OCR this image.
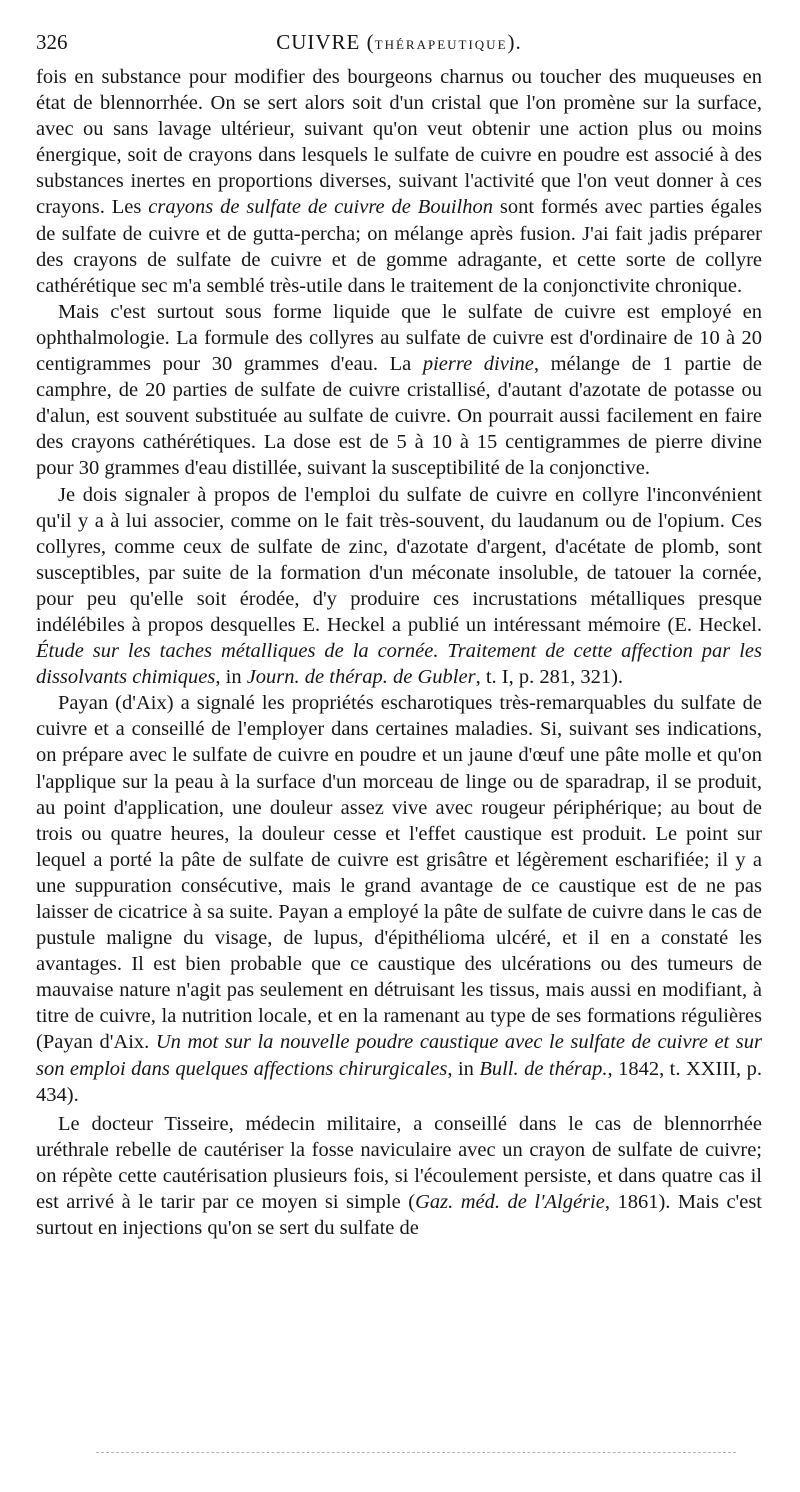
326	CUIVRE (THÉRAPEUTIQUE).

fois en substance pour modifier des bourgeons charnus ou toucher des muqueuses en état de blennorrhée. On se sert alors soit d'un cristal que l'on promène sur la surface, avec ou sans lavage ultérieur, suivant qu'on veut obtenir une action plus ou moins énergique, soit de crayons dans lesquels le sulfate de cuivre en poudre est associé à des substances inertes en proportions diverses, suivant l'activité que l'on veut donner à ces crayons. Les crayons de sulfate de cuivre de Bouilhon sont formés avec parties égales de sulfate de cuivre et de gutta-percha; on mélange après fusion. J'ai fait jadis préparer des crayons de sulfate de cuivre et de gomme adragante, et cette sorte de collyre cathérétique sec m'a semblé très-utile dans le traitement de la conjonctivite chronique.

Mais c'est surtout sous forme liquide que le sulfate de cuivre est employé en ophthalmologie. La formule des collyres au sulfate de cuivre est d'ordinaire de 10 à 20 centigrammes pour 30 grammes d'eau. La pierre divine, mélange de 1 partie de camphre, de 20 parties de sulfate de cuivre cristallisé, d'autant d'azotate de potasse ou d'alun, est souvent substituée au sulfate de cuivre. On pourrait aussi facilement en faire des crayons cathérétiques. La dose est de 5 à 10 à 15 centigrammes de pierre divine pour 30 grammes d'eau distillée, suivant la susceptibilité de la conjonctive.

Je dois signaler à propos de l'emploi du sulfate de cuivre en collyre l'inconvénient qu'il y a à lui associer, comme on le fait très-souvent, du laudanum ou de l'opium. Ces collyres, comme ceux de sulfate de zinc, d'azotate d'argent, d'acétate de plomb, sont susceptibles, par suite de la formation d'un méconate insoluble, de tatouer la cornée, pour peu qu'elle soit érodée, d'y produire ces incrustations métalliques presque indélébiles à propos desquelles E. Heckel a publié un intéressant mémoire (E. Heckel. Étude sur les taches métalliques de la cornée. Traitement de cette affection par les dissolvants chimiques, in Journ. de thérap. de Gubler, t. I, p. 281, 321).

Payan (d'Aix) a signalé les propriétés escharotiques très-remarquables du sulfate de cuivre et a conseillé de l'employer dans certaines maladies. Si, suivant ses indications, on prépare avec le sulfate de cuivre en poudre et un jaune d'œuf une pâte molle et qu'on l'applique sur la peau à la surface d'un morceau de linge ou de sparadrap, il se produit, au point d'application, une douleur assez vive avec rougeur périphérique; au bout de trois ou quatre heures, la douleur cesse et l'effet caustique est produit. Le point sur lequel a porté la pâte de sulfate de cuivre est grisâtre et légèrement escharifiée; il y a une suppuration consécutive, mais le grand avantage de ce caustique est de ne pas laisser de cicatrice à sa suite. Payan a employé la pâte de sulfate de cuivre dans le cas de pustule maligne du visage, de lupus, d'épithélioma ulcéré, et il en a constaté les avantages. Il est bien probable que ce caustique des ulcérations ou des tumeurs de mauvaise nature n'agit pas seulement en détruisant les tissus, mais aussi en modifiant, à titre de cuivre, la nutrition locale, et en la ramenant au type de ses formations régulières (Payan d'Aix. Un mot sur la nouvelle poudre caustique avec le sulfate de cuivre et sur son emploi dans quelques affections chirurgicales, in Bull. de thérap., 1842, t. XXIII, p. 434).

Le docteur Tisseire, médecin militaire, a conseillé dans le cas de blennorrhée uréthrale rebelle de cautériser la fosse naviculaire avec un crayon de sulfate de cuivre; on répète cette cautérisation plusieurs fois, si l'écoulement persiste, et dans quatre cas il est arrivé à le tarir par ce moyen si simple (Gaz. méd. de l'Algérie, 1861). Mais c'est surtout en injections qu'on se sert du sulfate de
